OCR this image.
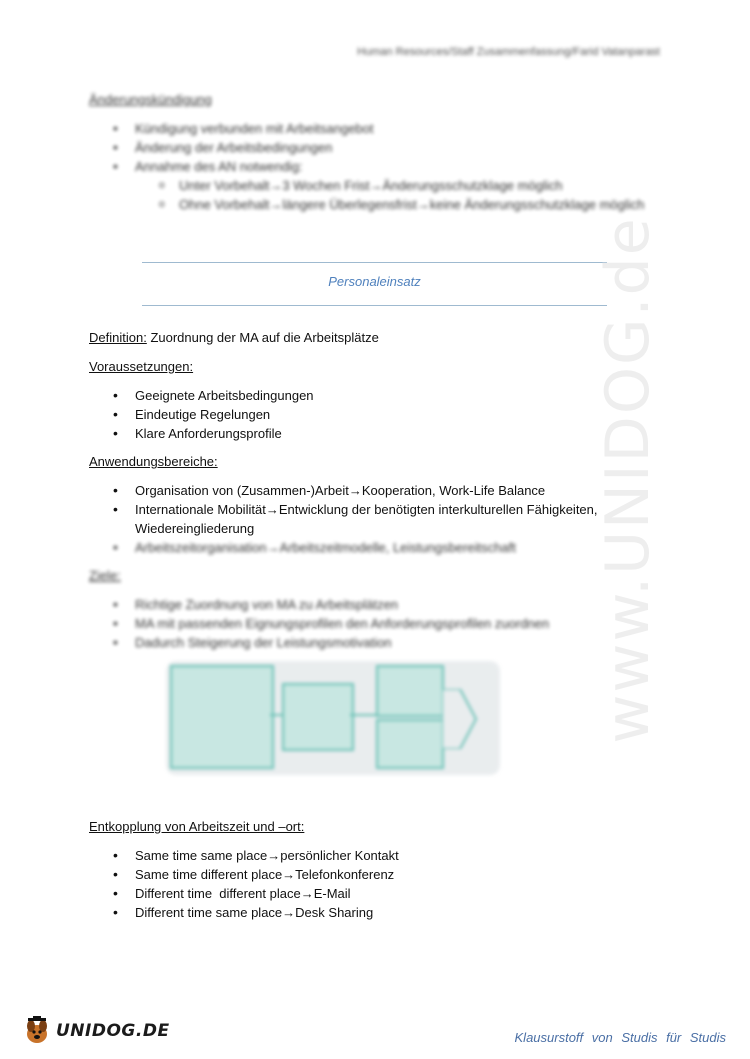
Human Resources/Staff Zusammenfassung/Farid Vatanparast

Änderungskündigung

• Kündigung verbunden mit Arbeitsangebot
• Änderung der Arbeitsbedingungen
• Annahme des AN notwendig:
o Unter Vorbehalt→3 Wochen Frist→Änderungsschutzklage möglich
o Ohne Vorbehalt→längere Überlegensfrist→keine Änderungsschutzklage möglich
Personaleinsatz

Definition: Zuordnung der MA auf die Arbeitsplätze

Voraussetzungen:

• Geeignete Arbeitsbedingungen
• Eindeutige Regelungen
• Klare Anforderungsprofile

Anwendungsbereiche:

• Organisation von (Zusammen-)Arbeit→Kooperation, Work-Life Balance
• Internationale Mobilität→Entwicklung der benötigten interkulturellen Fähigkeiten, Wiedereingliederung
• Arbeitszeitorganisation→Arbeitszeitmodelle, Leistungsbereitschaft

Ziele:

• Richtige Zuordnung von MA zu Arbeitsplätzen
• MA mit passenden Eignungsprofilen den Anforderungsprofilen zuordnen
• Dadurch Steigerung der Leistungsmotivation

Entkopplung von Arbeitszeit und –ort:

• Same time same place→persönlicher Kontakt
• Same time different place→Telefonkonferenz
• Different time  different place→E-Mail
• Different time same place→Desk Sharing
www.UNIDOG.de
UNIDOG.DE	Klausurstoff von Studis für Studis
